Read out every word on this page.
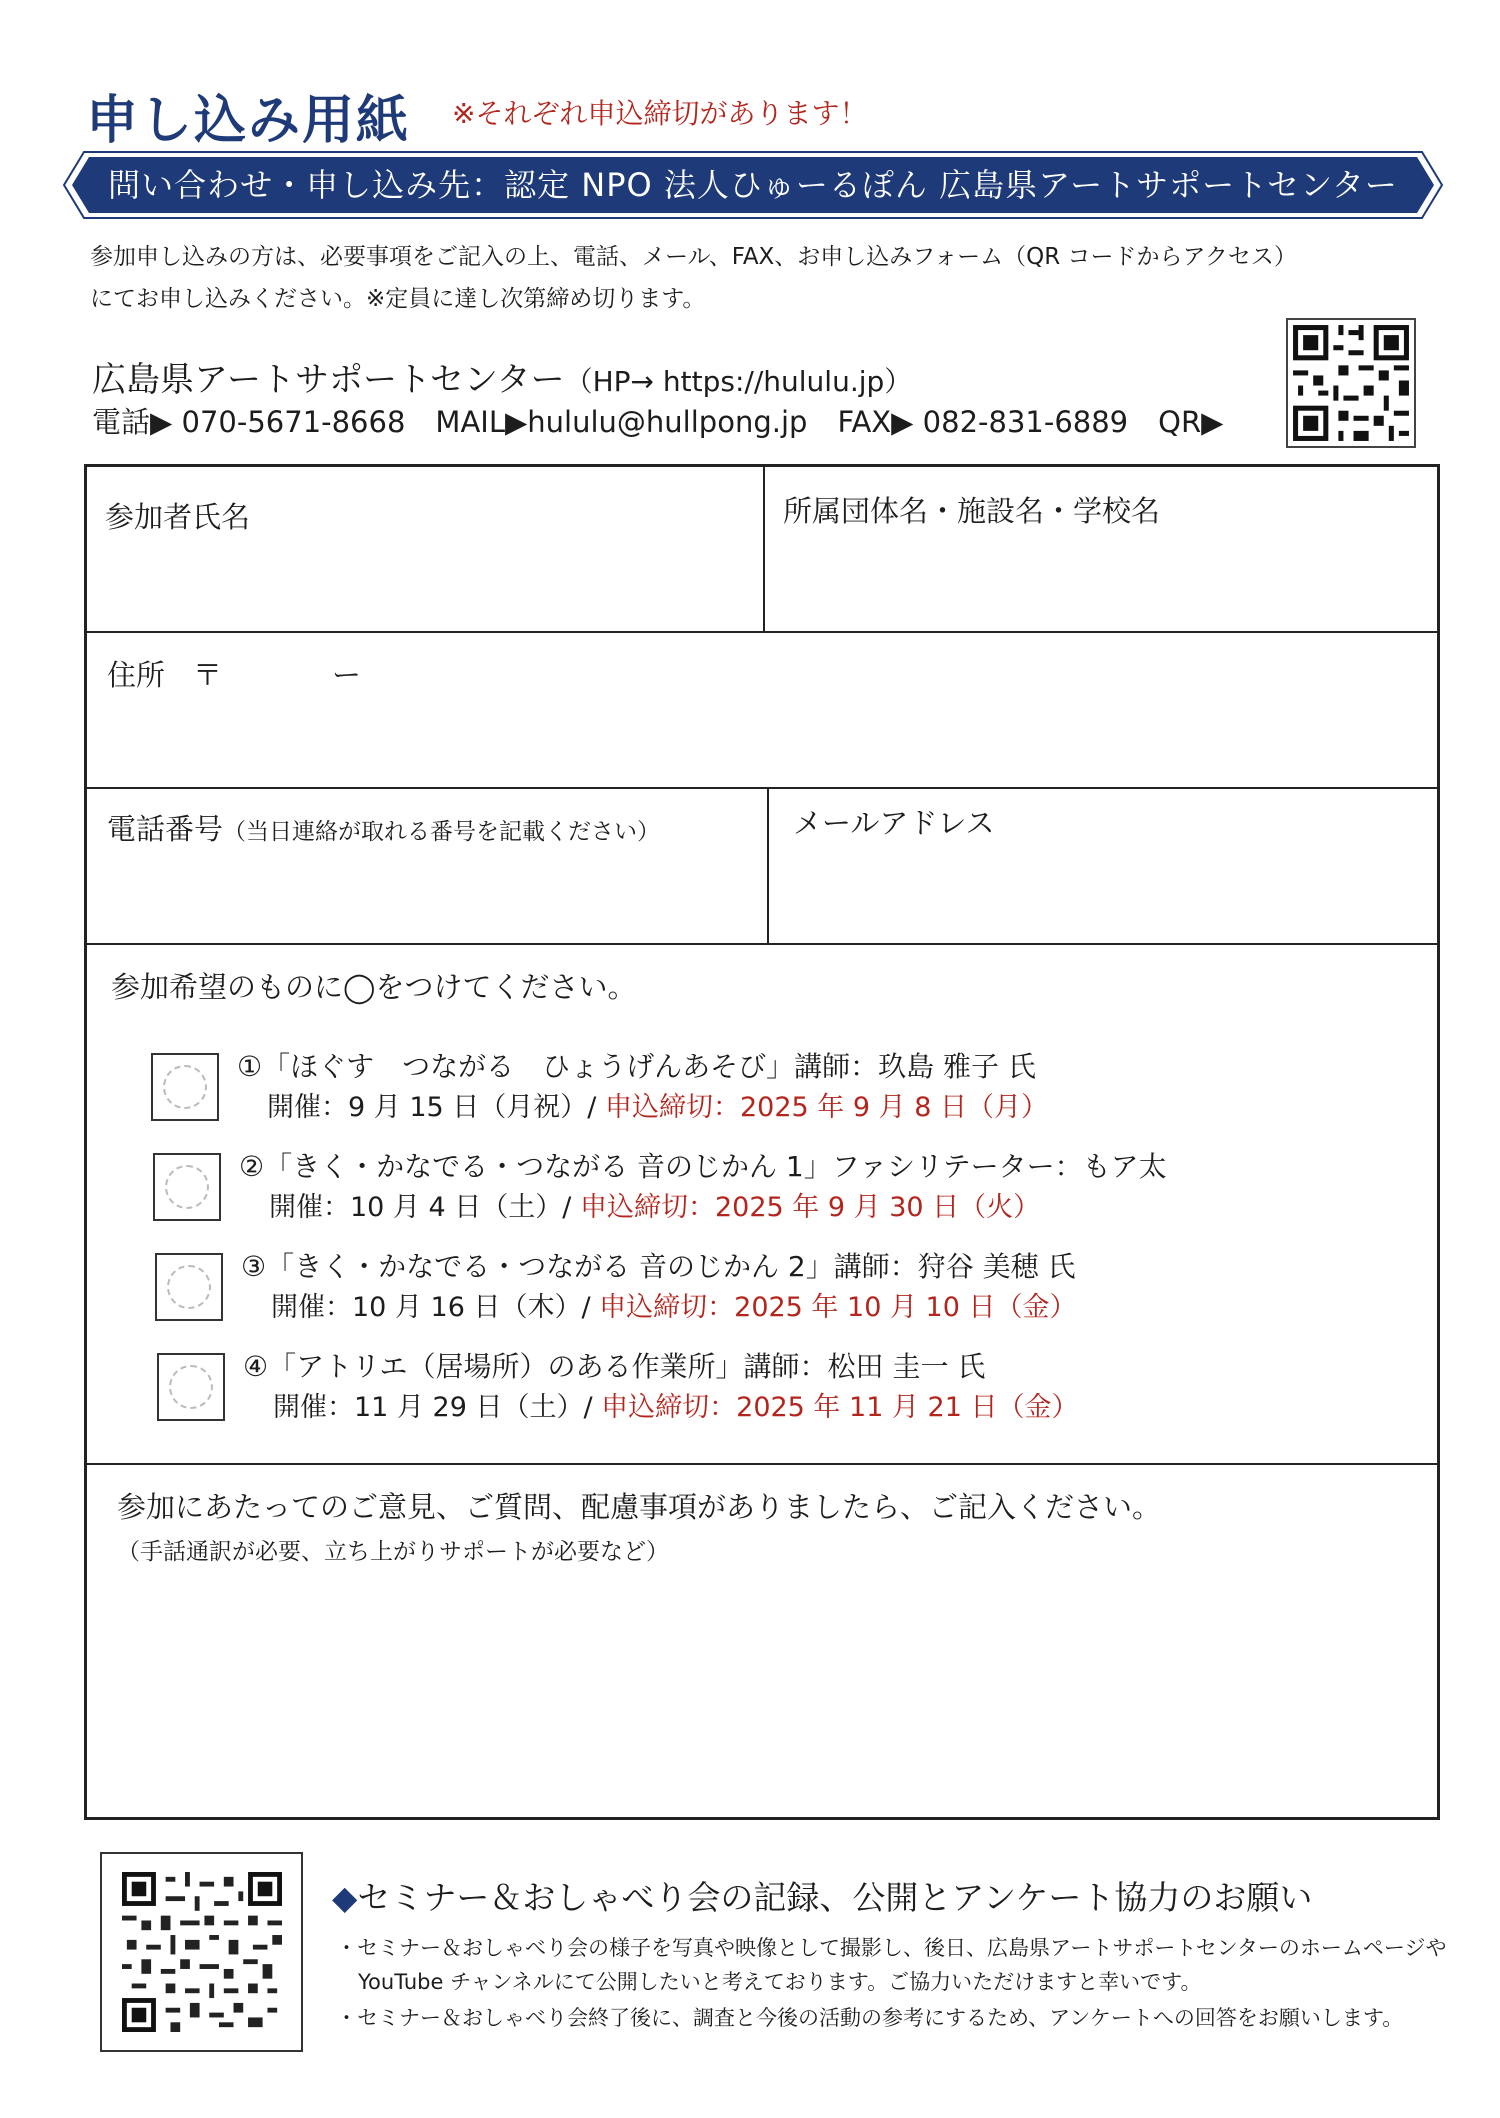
申し込み用紙 ※それぞれ申込締切があります！
問い合わせ・申し込み先：認定 NPO 法人ひゅーるぽん 広島県アートサポートセンター
参加申し込みの方は、必要事項をご記入の上、電話、メール、FAX、お申し込みフォーム（QR コードからアクセス）
にてお申し込みください。※定員に達し次第締め切ります。
広島県アートサポートセンター（HP→ https://hululu.jp）
電話▶ 070-5671-8668 MAIL▶hululu@hullpong.jp FAX▶ 082-831-6889 QR▶
参加者氏名	所属団体名・施設名・学校名
住所 〒	ー
電話番号（当日連絡が取れる番号を記載ください）	メールアドレス
参加希望のものに◯をつけてください。
①「ほぐす　つながる　ひょうげんあそび」講師：玖島 雅子 氏
開催：9 月 15 日（月祝）/ 申込締切：2025 年 9 月 8 日（月）
②「きく・かなでる・つながる 音のじかん 1」ファシリテーター：もア太
開催：10 月 4 日（土）/ 申込締切：2025 年 9 月 30 日（火）
③「きく・かなでる・つながる 音のじかん 2」講師：狩谷 美穂 氏
開催：10 月 16 日（木）/ 申込締切：2025 年 10 月 10 日（金）
④「アトリエ（居場所）のある作業所」講師：松田 圭一 氏
開催：11 月 29 日（土）/ 申込締切：2025 年 11 月 21 日（金）
参加にあたってのご意見、ご質問、配慮事項がありましたら、ご記入ください。
（手話通訳が必要、立ち上がりサポートが必要など）
◆セミナー＆おしゃべり会の記録、公開とアンケート協力のお願い
・セミナー＆おしゃべり会の様子を写真や映像として撮影し、後日、広島県アートサポートセンターのホームページや
YouTube チャンネルにて公開したいと考えております。ご協力いただけますと幸いです。
・セミナー＆おしゃべり会終了後に、調査と今後の活動の参考にするため、アンケートへの回答をお願いします。
